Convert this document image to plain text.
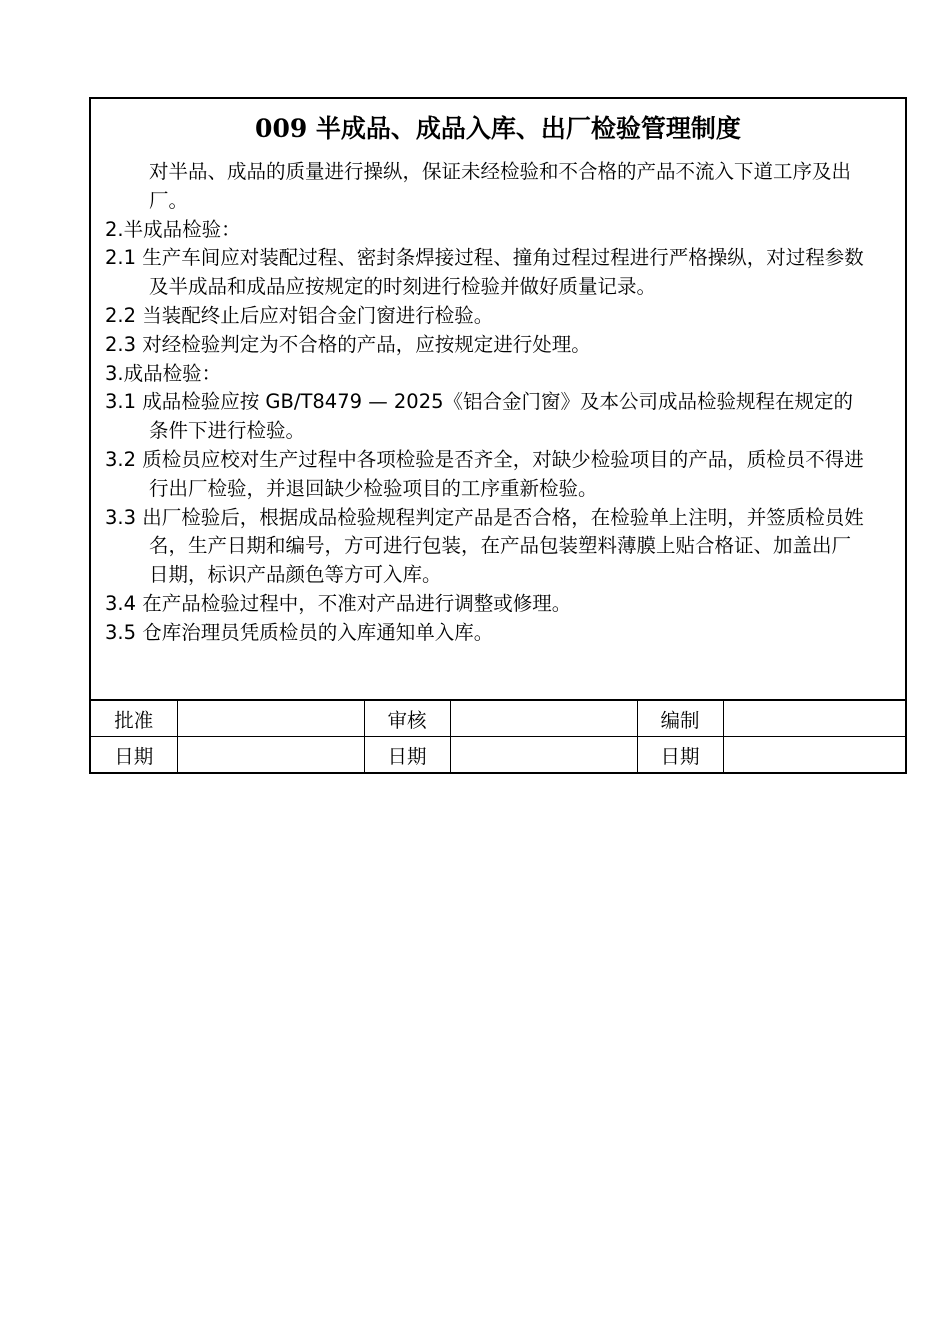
009 半成品、成品入库、出厂检验管理制度

对半品、成品的质量进行操纵，保证未经检验和不合格的产品不流入下道工序及出厂。

2.半成品检验：

2.1 生产车间应对装配过程、密封条焊接过程、撞角过程过程进行严格操纵，对过程参数及半成品和成品应按规定的时刻进行检验并做好质量记录。

2.2 当装配终止后应对铝合金门窗进行检验。

2.3 对经检验判定为不合格的产品，应按规定进行处理。

3.成品检验：

3.1 成品检验应按 GB/T8479 — 2025《铝合金门窗》及本公司成品检验规程在规定的条件下进行检验。

3.2 质检员应校对生产过程中各项检验是否齐全，对缺少检验项目的产品，质检员不得进行出厂检验，并退回缺少检验项目的工序重新检验。

3.3 出厂检验后，根据成品检验规程判定产品是否合格，在检验单上注明，并签质检员姓名，生产日期和编号，方可进行包装，在产品包装塑料薄膜上贴合格证、加盖出厂日期，标识产品颜色等方可入库。

3.4 在产品检验过程中，不准对产品进行调整或修理。

3.5 仓库治理员凭质检员的入库通知单入库。

批准		审核		编制	
日期		日期		日期	
